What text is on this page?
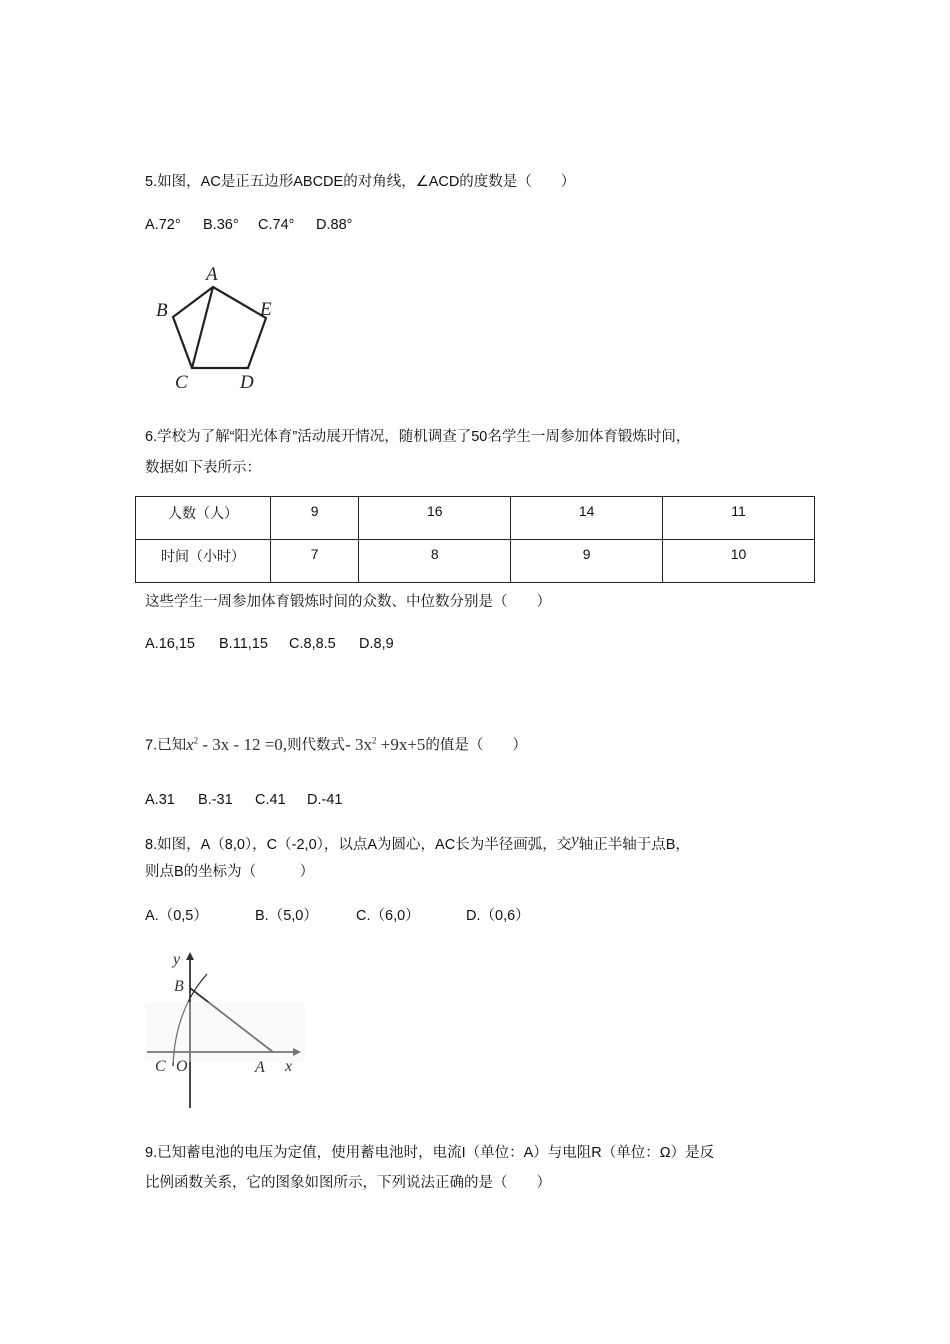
5.如图，AC是正五边形ABCDE的对角线，∠ACD的度数是（　　）
A.72° B.36° C.74° D.88°
A
B	E
C	D
6.学校为了解“阳光体育”活动展开情况，随机调查了50名学生一周参加体育锻炼时间，
数据如下表所示：
人数（人）	9	16	14	11
时间（小时）	7	8	9	10
这些学生一周参加体育锻炼时间的众数、中位数分别是（　　）
A.16,15 B.11,15 C.8,8.5 D.8,9
7.已知$x^2 - 3x - 12 =0$,则代数式- $3x^2 +9x+5$的值是（　　）
A.31 B.-31 C.41 D.-41
8.如图，A（8,0），C（-2,0），以点A为圆心，AC长为半径画弧，交y轴正半轴于点B，
则点B的坐标为（　　　）
A.（0,5）	B.（5,0）	C.（6,0）	D.（0,6）
y
B
C O	A x
9.已知蓄电池的电压为定值，使用蓄电池时，电流I（单位：A）与电阻R（单位：Ω）是反
比例函数关系，它的图象如图所示，下列说法正确的是（　　）
